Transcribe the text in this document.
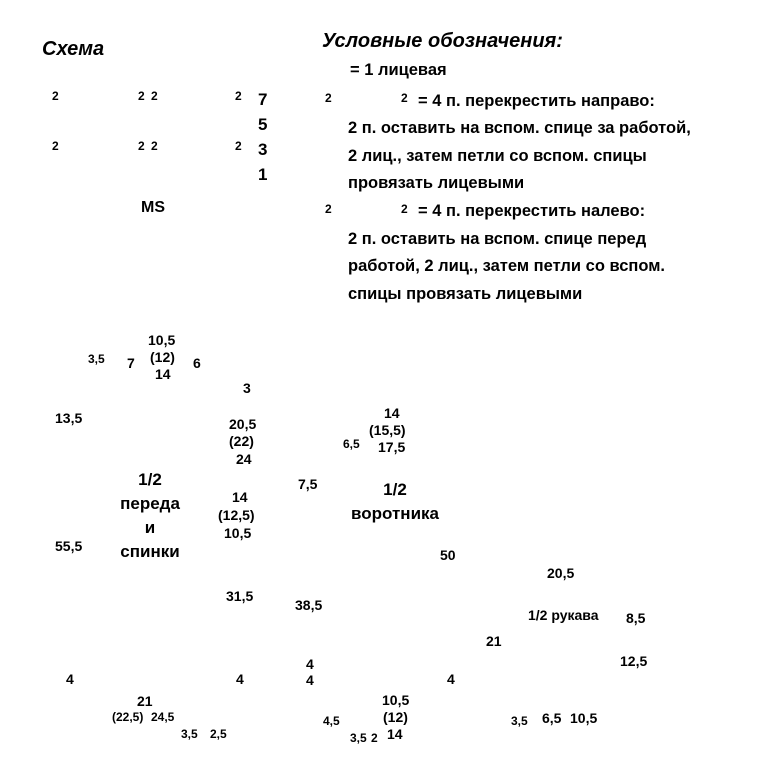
Схема	Условные обозначения:
7
5
3
1
MS
2	2 2	2
2	2 2	2
= 1 лицевая
= 4 п. перекрестить направо:
2 п. оставить на вспом. спице за работой,
2 лиц., затем петли со вспом. спицы
провязать лицевыми
= 4 п. перекрестить налево:
2 п. оставить на вспом. спице перед
работой, 2 лиц., затем петли со вспом.
спицы провязать лицевыми
2	2
2	2
1/2
переда
и
спинки
3,5 7
10,5
(12)
14
6
13,5
55,5
4
3
20,5
(22)
24
14
(12,5)
10,5
31,5
4
21
(22,5) 24,5
3,5 2,5
1/2
воротника
14
(15,5)
17,5
6,5
7,5
38,5
4
4
50
4
10,5
(12)
14
4,5
3,5 2
1/2 рукава
20,5
21
8,5
12,5
3,5 6,5 10,5
